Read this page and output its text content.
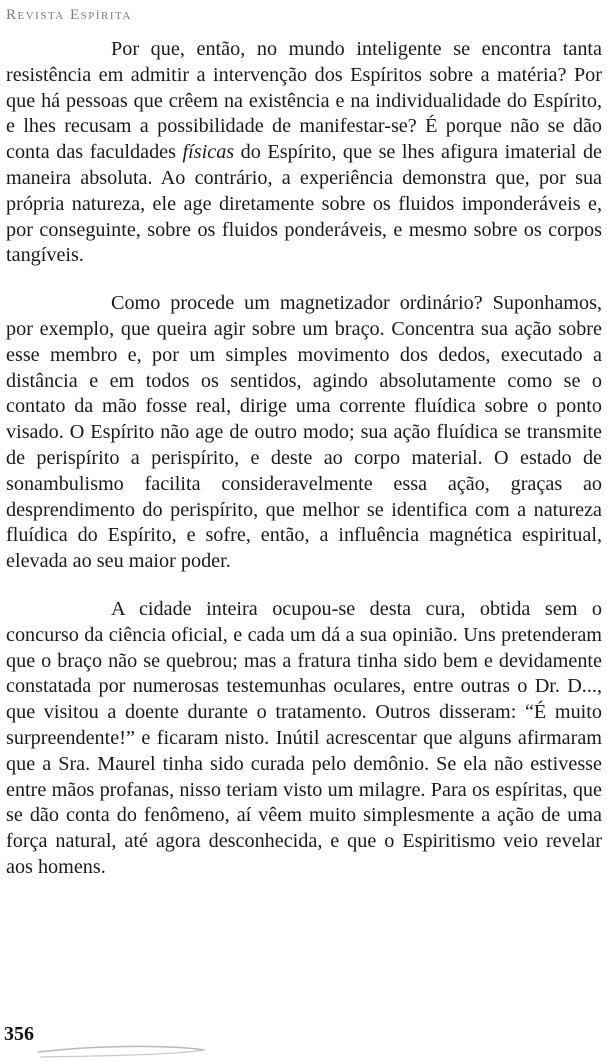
Revista Espírita

Por que, então, no mundo inteligente se encontra tanta resistência em admitir a intervenção dos Espíritos sobre a matéria? Por que há pessoas que crêem na existência e na individualidade do Espírito, e lhes recusam a possibilidade de manifestar-se? É porque não se dão conta das faculdades físicas do Espírito, que se lhes afigura imaterial de maneira absoluta. Ao contrário, a experiência demonstra que, por sua própria natureza, ele age diretamente sobre os fluidos imponderáveis e, por conseguinte, sobre os fluidos ponderáveis, e mesmo sobre os corpos tangíveis.

Como procede um magnetizador ordinário? Suponhamos, por exemplo, que queira agir sobre um braço. Concentra sua ação sobre esse membro e, por um simples movimento dos dedos, executado a distância e em todos os sentidos, agindo absolutamente como se o contato da mão fosse real, dirige uma corrente fluídica sobre o ponto visado. O Espírito não age de outro modo; sua ação fluídica se transmite de perispírito a perispírito, e deste ao corpo material. O estado de sonambulismo facilita consideravelmente essa ação, graças ao desprendimento do perispírito, que melhor se identifica com a natureza fluídica do Espírito, e sofre, então, a influência magnética espiritual, elevada ao seu maior poder.

A cidade inteira ocupou-se desta cura, obtida sem o concurso da ciência oficial, e cada um dá a sua opinião. Uns pretenderam que o braço não se quebrou; mas a fratura tinha sido bem e devidamente constatada por numerosas testemunhas oculares, entre outras o Dr. D..., que visitou a doente durante o tratamento. Outros disseram: “É muito surpreendente!” e ficaram nisto. Inútil acrescentar que alguns afirmaram que a Sra. Maurel tinha sido curada pelo demônio. Se ela não estivesse entre mãos profanas, nisso teriam visto um milagre. Para os espíritas, que se dão conta do fenômeno, aí vêem muito simplesmente a ação de uma força natural, até agora desconhecida, e que o Espiritismo veio revelar aos homens.

356
